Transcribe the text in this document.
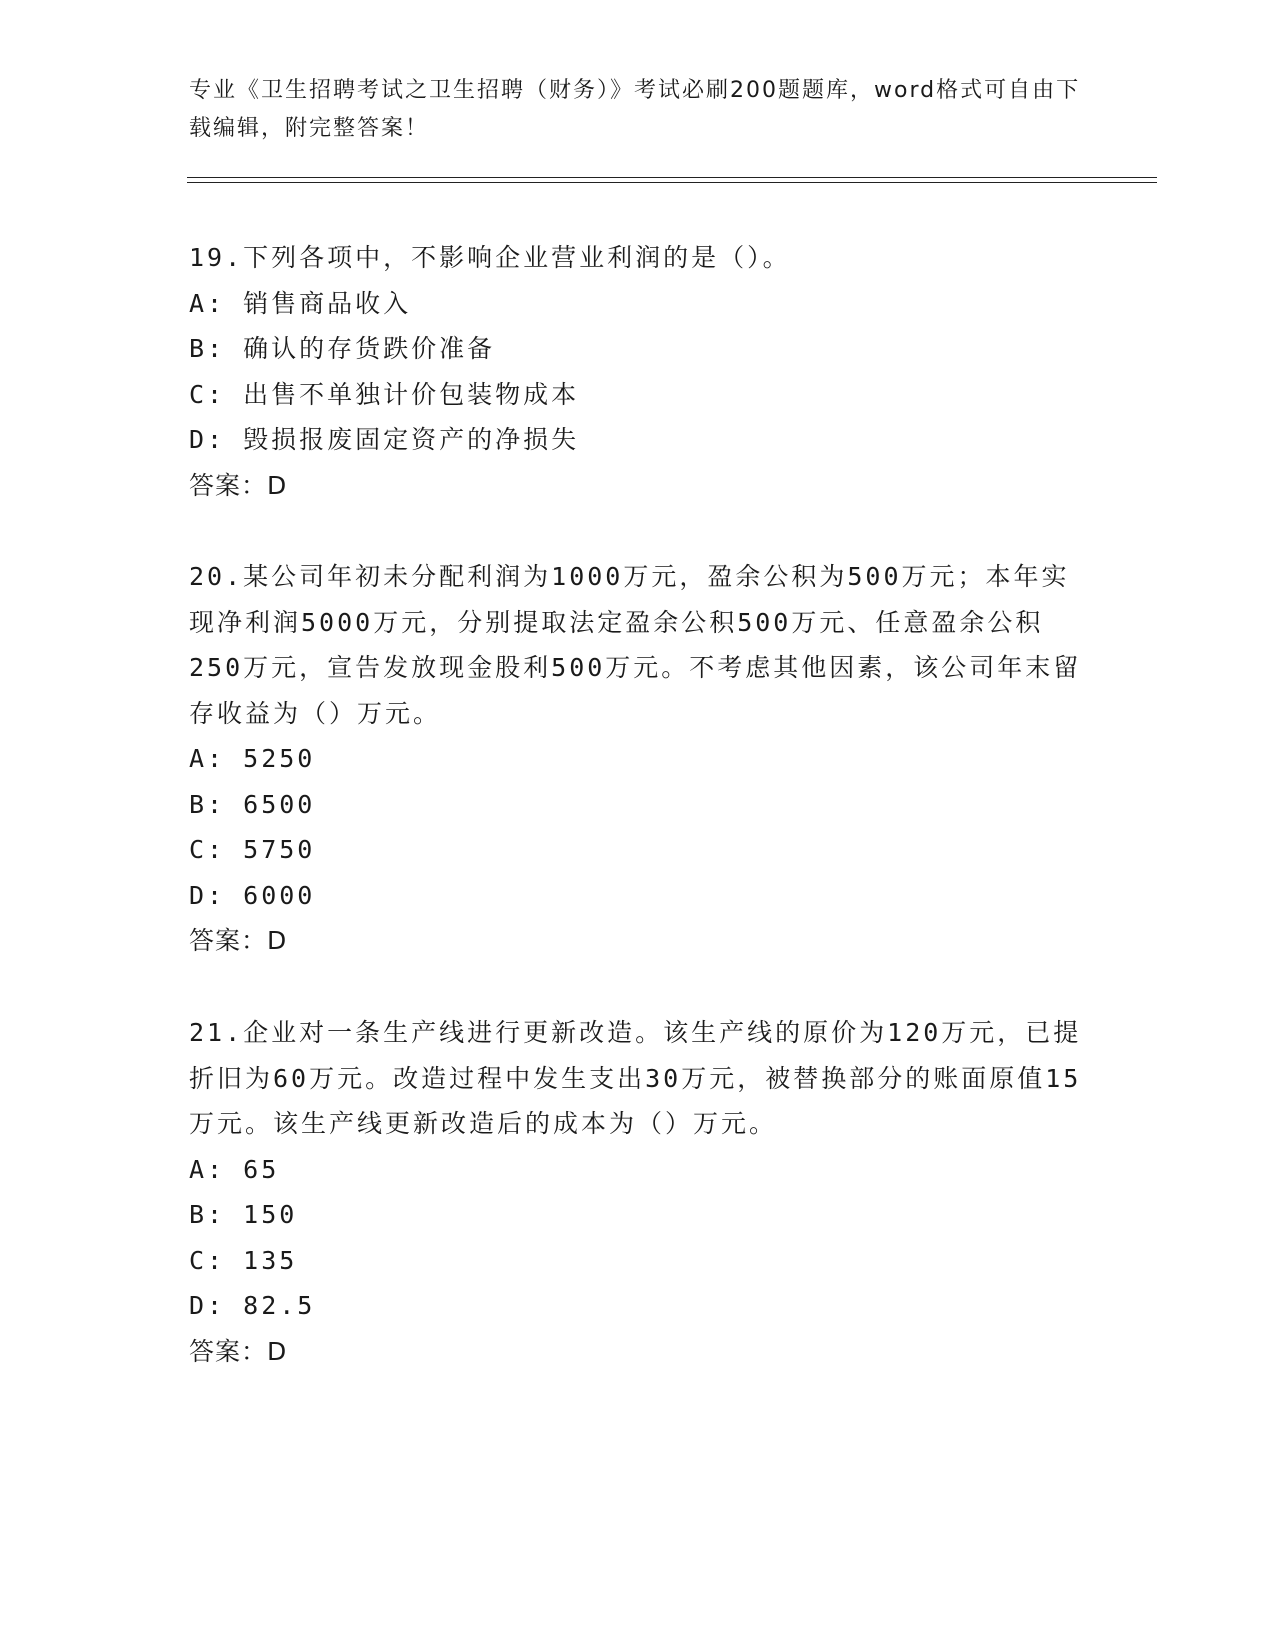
专业《卫生招聘考试之卫生招聘（财务）》考试必刷200题题库，word格式可自由下载编辑，附完整答案！

19.下列各项中，不影响企业营业利润的是（）。

A: 销售商品收入

B: 确认的存货跌价准备

C: 出售不单独计价包装物成本

D: 毁损报废固定资产的净损失

答案：D

20.某公司年初未分配利润为1000万元，盈余公积为500万元；本年实现净利润5000万元，分别提取法定盈余公积500万元、任意盈余公积250万元，宣告发放现金股利500万元。不考虑其他因素，该公司年末留存收益为（）万元。

A: 5250

B: 6500

C: 5750

D: 6000

答案：D

21.企业对一条生产线进行更新改造。该生产线的原价为120万元，已提折旧为60万元。改造过程中发生支出30万元，被替换部分的账面原值15万元。该生产线更新改造后的成本为（）万元。

A: 65

B: 150

C: 135

D: 82.5

答案：D
